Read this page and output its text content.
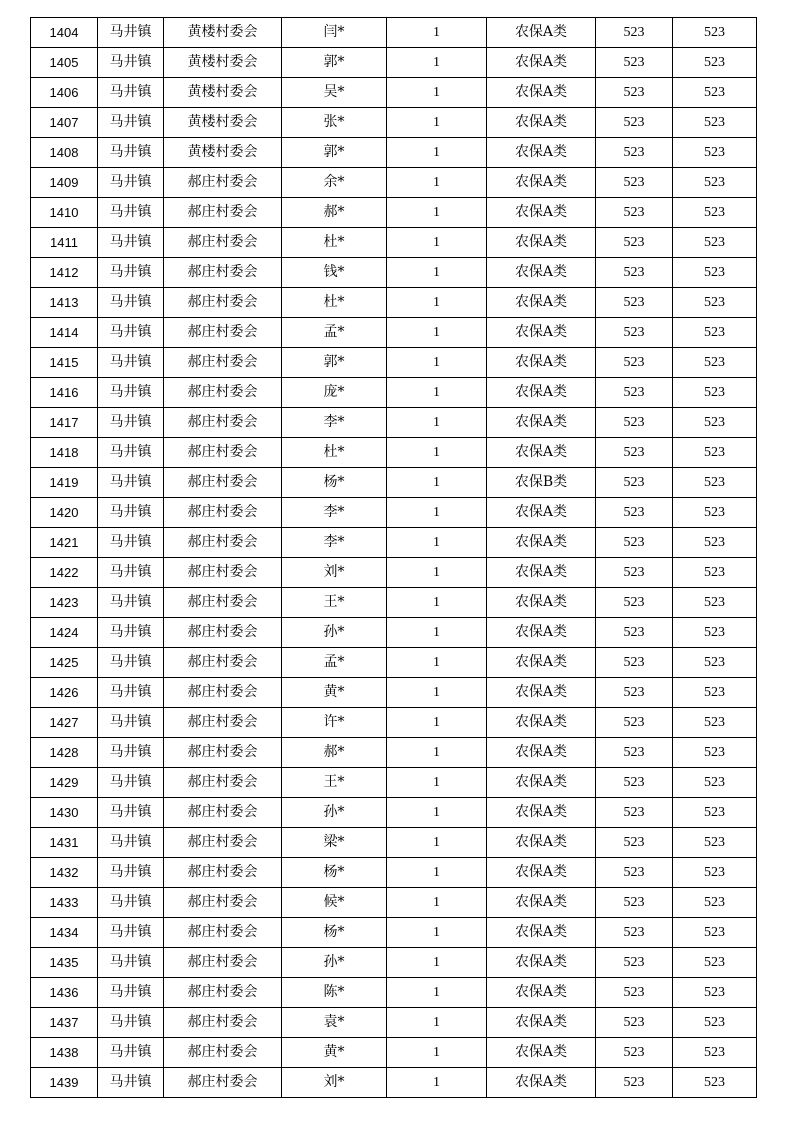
1404	马井镇	黄楼村委会	闫*	1	农保A类	523	523
1405	马井镇	黄楼村委会	郭*	1	农保A类	523	523
1406	马井镇	黄楼村委会	吴*	1	农保A类	523	523
1407	马井镇	黄楼村委会	张*	1	农保A类	523	523
1408	马井镇	黄楼村委会	郭*	1	农保A类	523	523
1409	马井镇	郝庄村委会	余*	1	农保A类	523	523
1410	马井镇	郝庄村委会	郝*	1	农保A类	523	523
1411	马井镇	郝庄村委会	杜*	1	农保A类	523	523
1412	马井镇	郝庄村委会	钱*	1	农保A类	523	523
1413	马井镇	郝庄村委会	杜*	1	农保A类	523	523
1414	马井镇	郝庄村委会	孟*	1	农保A类	523	523
1415	马井镇	郝庄村委会	郭*	1	农保A类	523	523
1416	马井镇	郝庄村委会	庞*	1	农保A类	523	523
1417	马井镇	郝庄村委会	李*	1	农保A类	523	523
1418	马井镇	郝庄村委会	杜*	1	农保A类	523	523
1419	马井镇	郝庄村委会	杨*	1	农保B类	523	523
1420	马井镇	郝庄村委会	李*	1	农保A类	523	523
1421	马井镇	郝庄村委会	李*	1	农保A类	523	523
1422	马井镇	郝庄村委会	刘*	1	农保A类	523	523
1423	马井镇	郝庄村委会	王*	1	农保A类	523	523
1424	马井镇	郝庄村委会	孙*	1	农保A类	523	523
1425	马井镇	郝庄村委会	孟*	1	农保A类	523	523
1426	马井镇	郝庄村委会	黄*	1	农保A类	523	523
1427	马井镇	郝庄村委会	许*	1	农保A类	523	523
1428	马井镇	郝庄村委会	郝*	1	农保A类	523	523
1429	马井镇	郝庄村委会	王*	1	农保A类	523	523
1430	马井镇	郝庄村委会	孙*	1	农保A类	523	523
1431	马井镇	郝庄村委会	梁*	1	农保A类	523	523
1432	马井镇	郝庄村委会	杨*	1	农保A类	523	523
1433	马井镇	郝庄村委会	候*	1	农保A类	523	523
1434	马井镇	郝庄村委会	杨*	1	农保A类	523	523
1435	马井镇	郝庄村委会	孙*	1	农保A类	523	523
1436	马井镇	郝庄村委会	陈*	1	农保A类	523	523
1437	马井镇	郝庄村委会	袁*	1	农保A类	523	523
1438	马井镇	郝庄村委会	黄*	1	农保A类	523	523
1439	马井镇	郝庄村委会	刘*	1	农保A类	523	523
